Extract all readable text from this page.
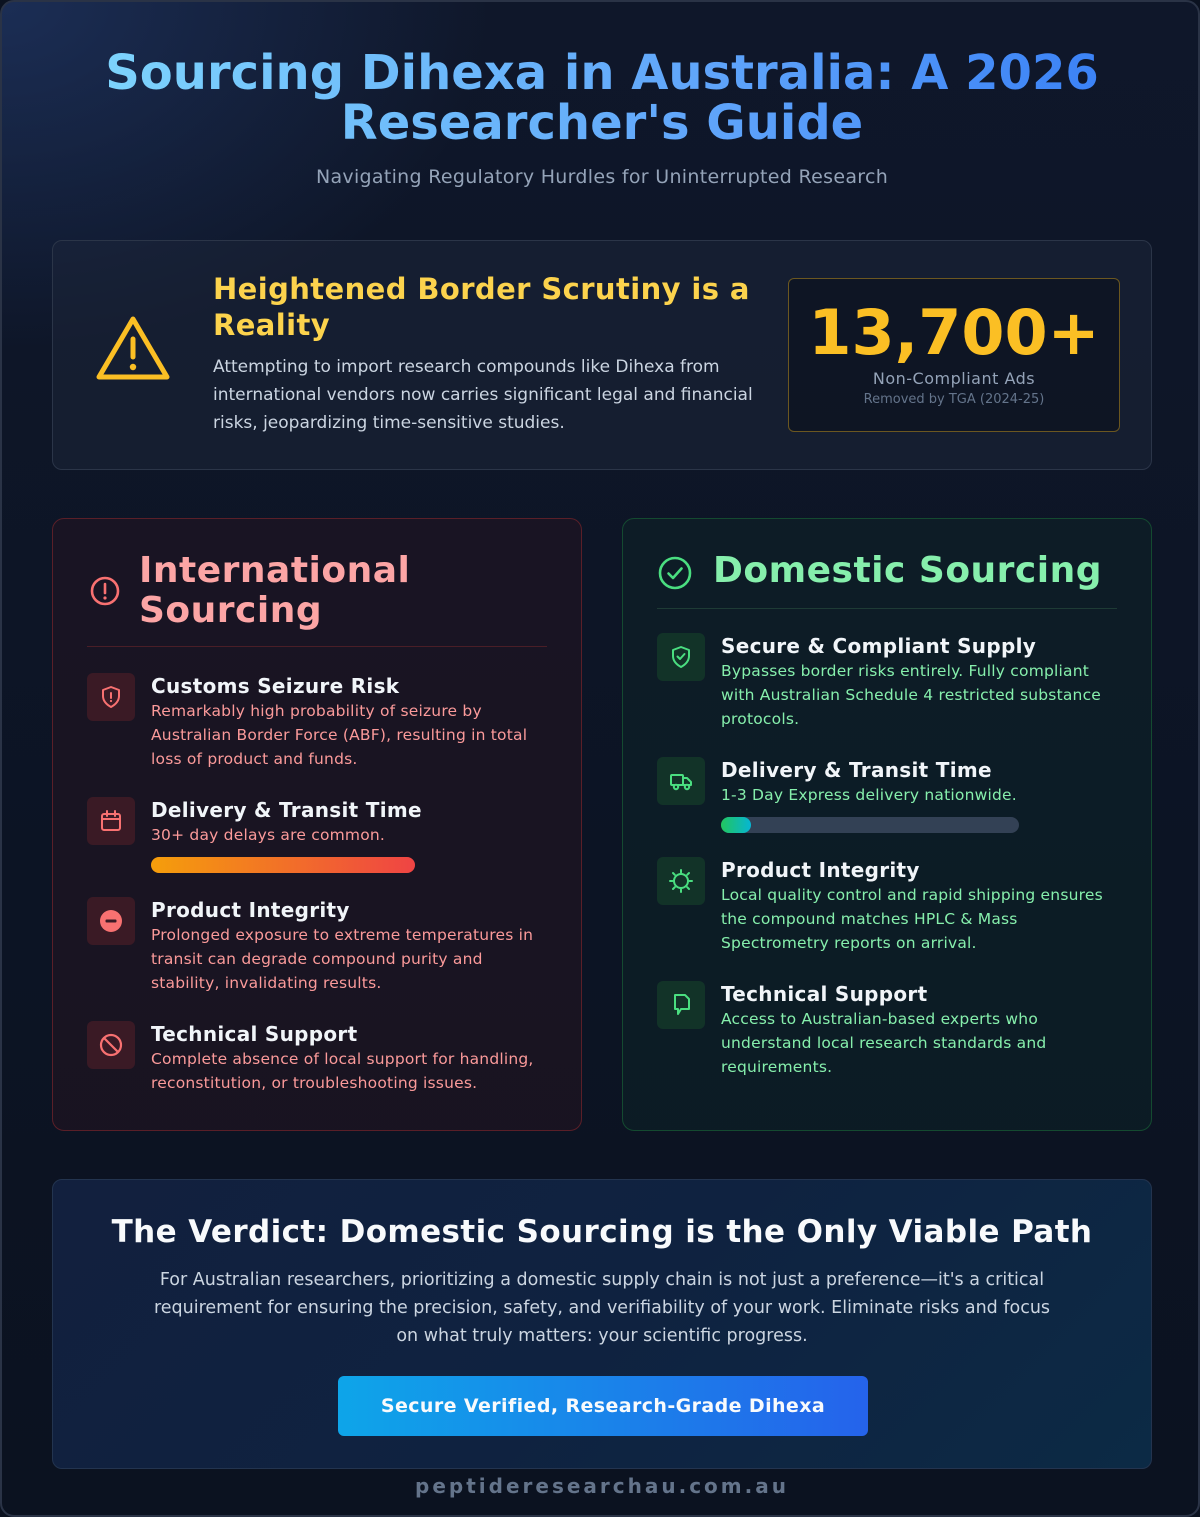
Sourcing Dihexa in Australia: A 2026 Researcher's Guide

Navigating Regulatory Hurdles for Uninterrupted Research

Heightened Border Scrutiny is a Reality
Attempting to import research compounds like Dihexa from international vendors now carries significant legal and financial risks, jeopardizing time-sensitive studies.
13,700+
Non-Compliant Ads
Removed by TGA (2024-25)
International Sourcing
Customs Seizure Risk
Remarkably high probability of seizure by Australian Border Force (ABF), resulting in total loss of product and funds.
Delivery & Transit Time
30+ day delays are common.
Product Integrity
Prolonged exposure to extreme temperatures in transit can degrade compound purity and stability, invalidating results.
Technical Support
Complete absence of local support for handling, reconstitution, or troubleshooting issues.
Domestic Sourcing
Secure & Compliant Supply
Bypasses border risks entirely. Fully compliant with Australian Schedule 4 restricted substance protocols.
Delivery & Transit Time
1-3 Day Express delivery nationwide.
Product Integrity
Local quality control and rapid shipping ensures the compound matches HPLC & Mass Spectrometry reports on arrival.
Technical Support
Access to Australian-based experts who understand local research standards and requirements.
The Verdict: Domestic Sourcing is the Only Viable Path

For Australian researchers, prioritizing a domestic supply chain is not just a preference—it's a critical requirement for ensuring the precision, safety, and verifiability of your work. Eliminate risks and focus on what truly matters: your scientific progress.

Secure Verified, Research-Grade Dihexa
peptideresearchau.com.au
